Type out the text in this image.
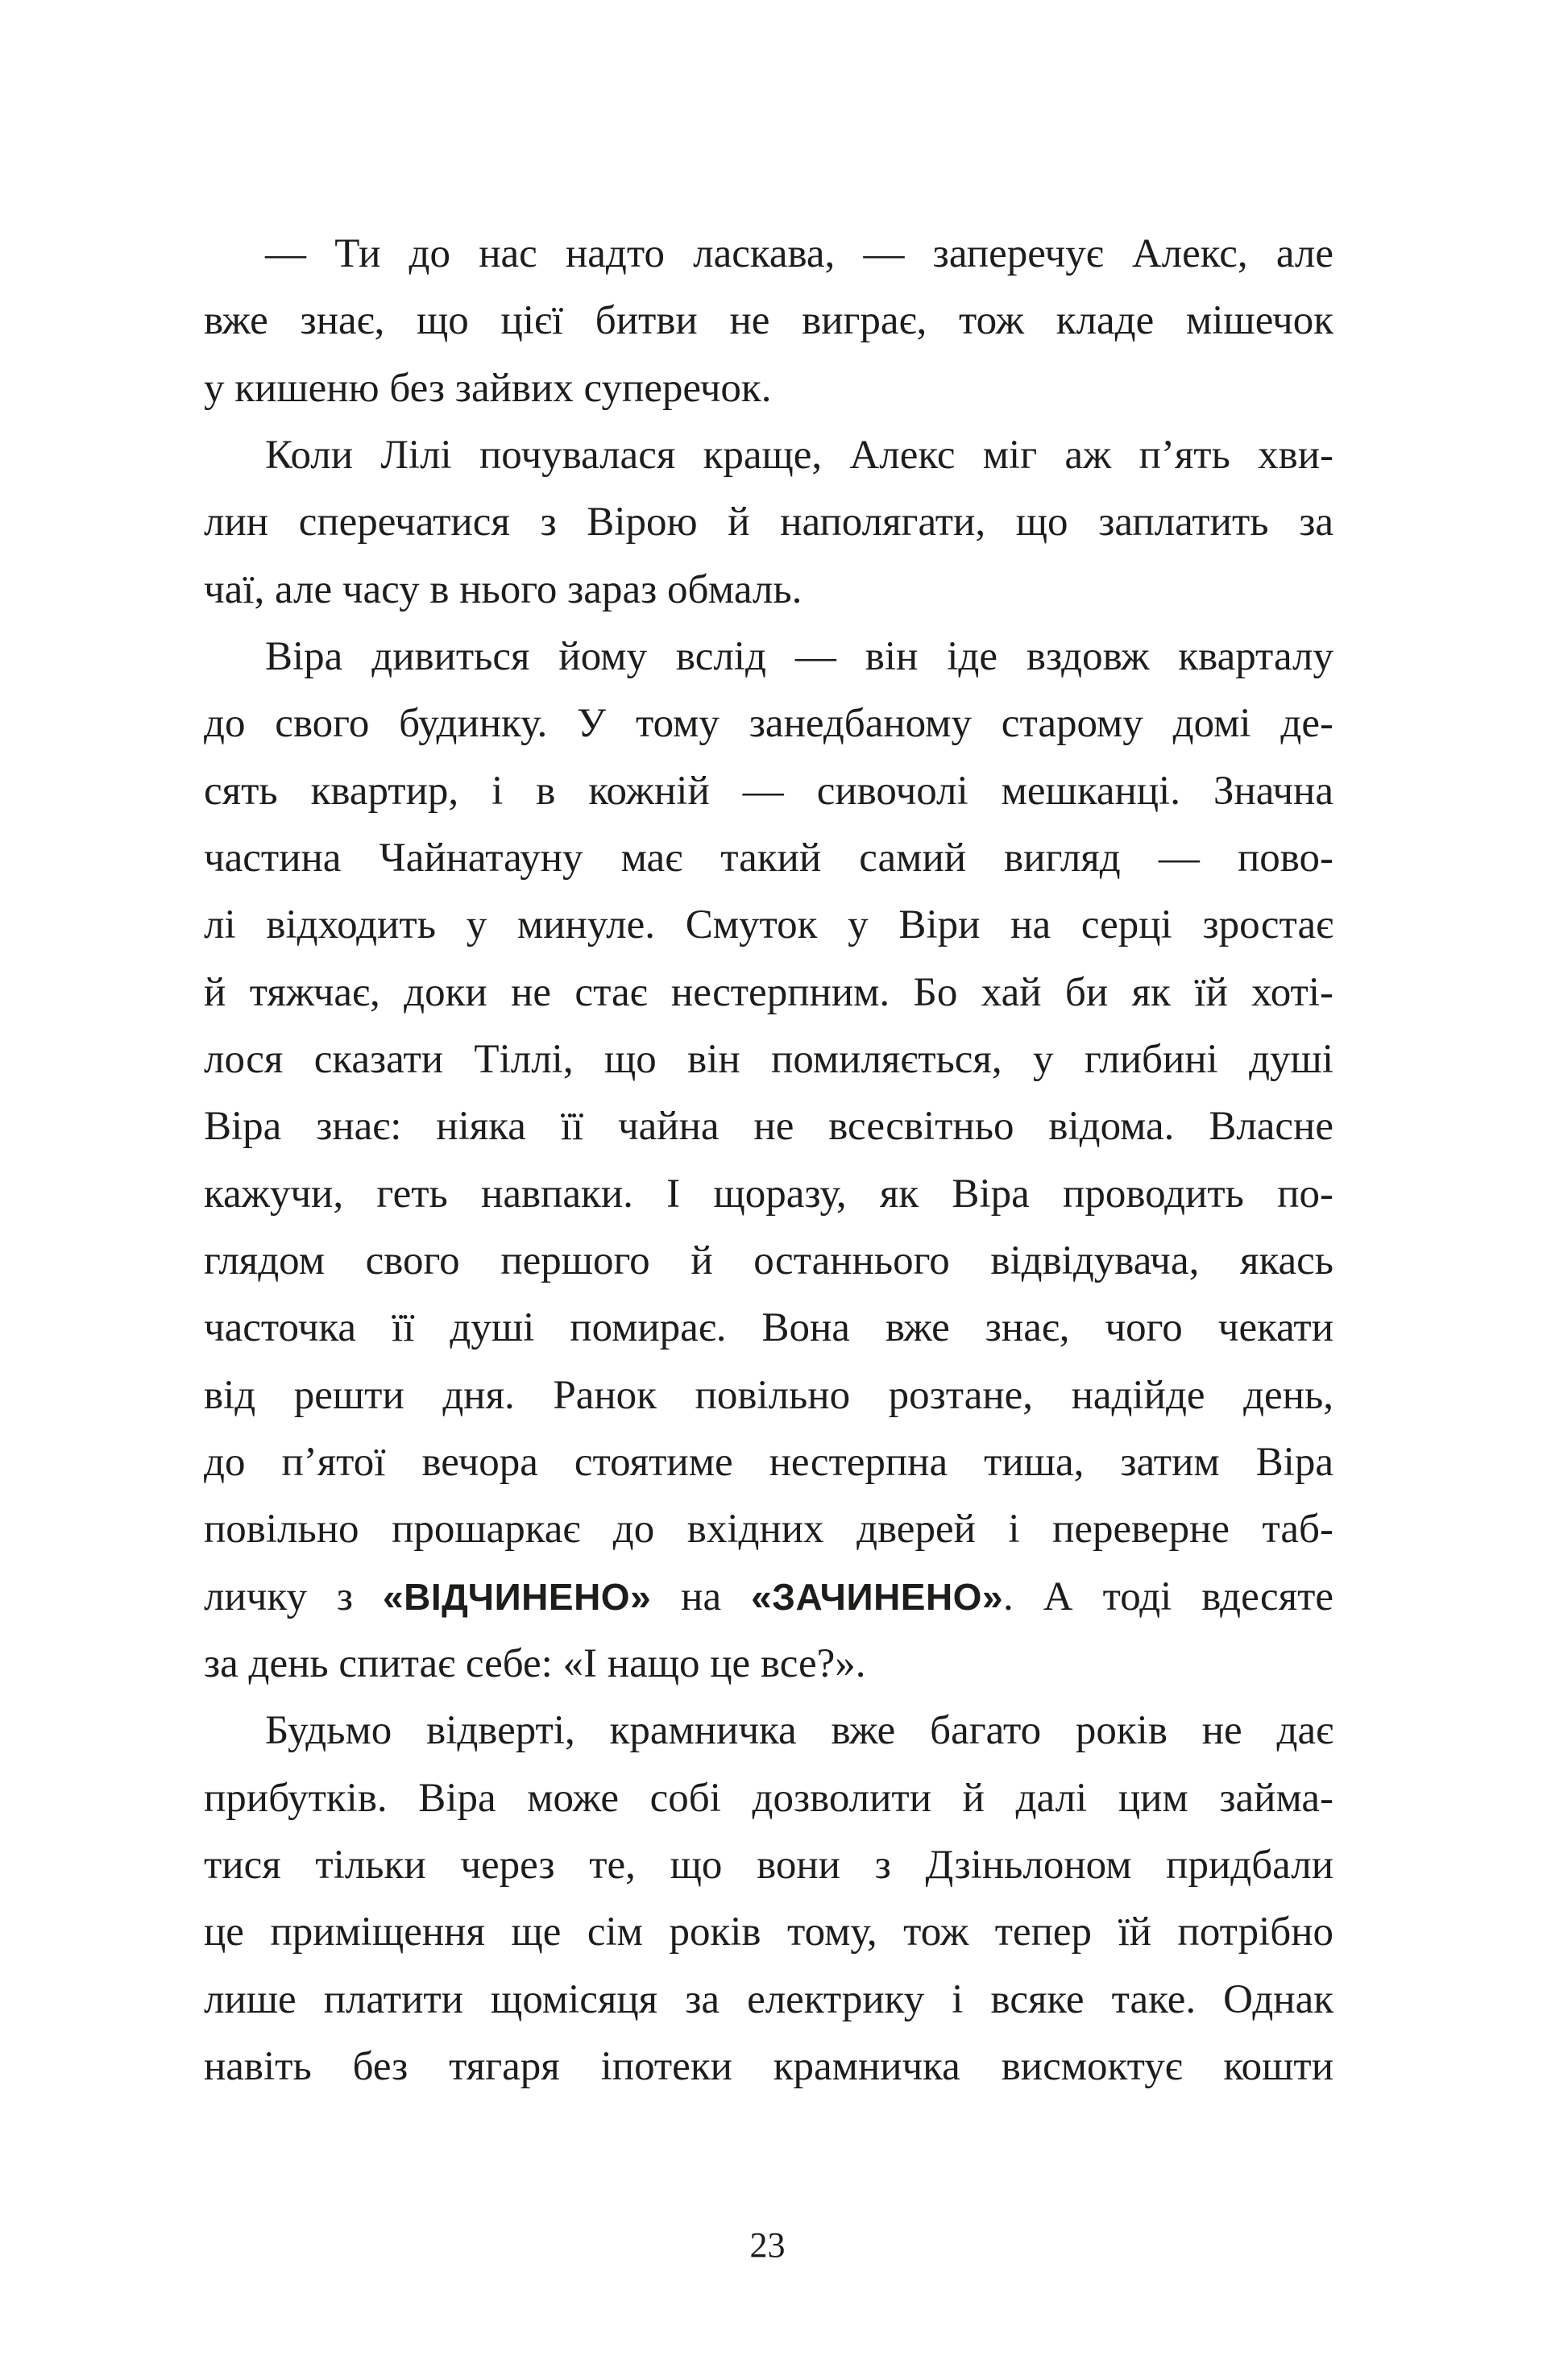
— Ти до нас надто ласкава, — заперечує Алекс, але
вже знає, що цієї битви не виграє, тож кладе мішечок
у кишеню без зайвих суперечок.
Коли Лілі почувалася краще, Алекс міг аж п’ять хви-
лин сперечатися з Вірою й наполягати, що заплатить за
чаї, але часу в нього зараз обмаль.
Віра дивиться йому вслід — він іде вздовж кварталу
до свого будинку. У тому занедбаному старому домі де-
сять квартир, і в кожній — сивочолі мешканці. Значна
частина Чайнатауну має такий самий вигляд — пово-
лі відходить у минуле. Смуток у Віри на серці зростає
й тяжчає, доки не стає нестерпним. Бо хай би як їй хоті-
лося сказати Тіллі, що він помиляється, у глибині душі
Віра знає: ніяка її чайна не всесвітньо відома. Власне
кажучи, геть навпаки. І щоразу, як Віра проводить по-
глядом свого першого й останнього відвідувача, якась
часточка її душі помирає. Вона вже знає, чого чекати
від решти дня. Ранок повільно розтане, надійде день,
до п’ятої вечора стоятиме нестерпна тиша, затим Віра
повільно прошаркає до вхідних дверей і переверне таб-
личку з «ВІДЧИНЕНО» на «ЗАЧИНЕНО». А тоді вдесяте
за день спитає себе: «І нащо це все?».
Будьмо відверті, крамничка вже багато років не дає
прибутків. Віра може собі дозволити й далі цим займа-
тися тільки через те, що вони з Дзіньлоном придбали
це приміщення ще сім років тому, тож тепер їй потрібно
лише платити щомісяця за електрику і всяке таке. Однак
навіть без тягаря іпотеки крамничка висмоктує кошти
23
